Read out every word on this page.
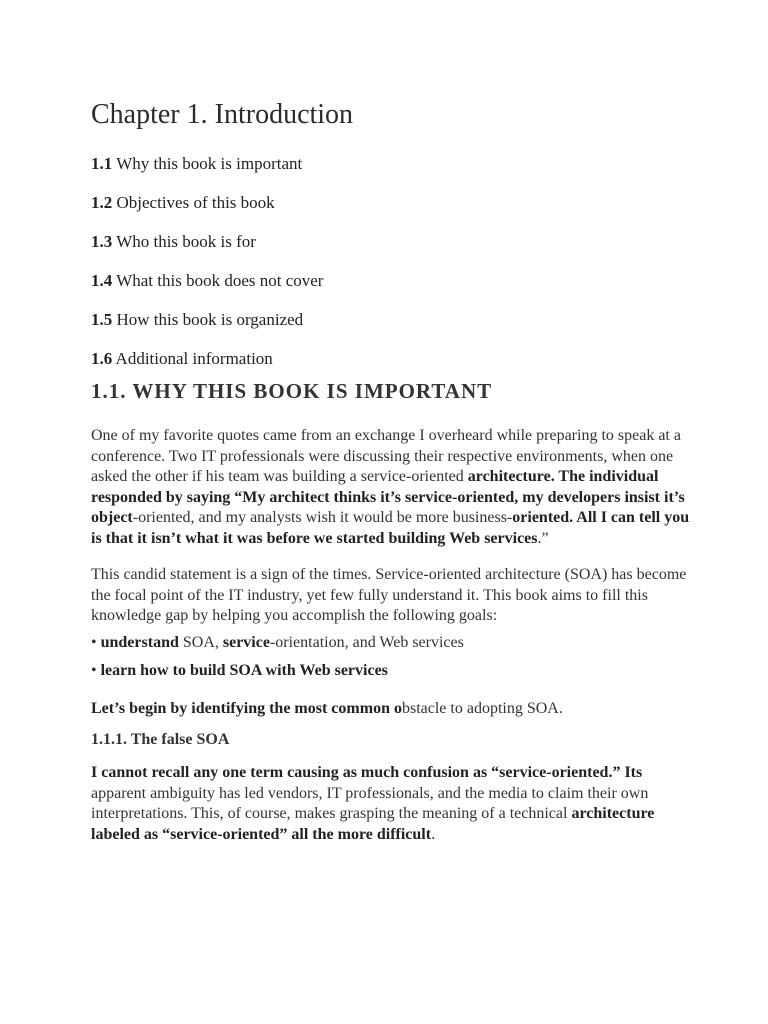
Chapter 1. Introduction
1.1 Why this book is important
1.2 Objectives of this book
1.3 Who this book is for
1.4 What this book does not cover
1.5 How this book is organized
1.6 Additional information
1.1. WHY THIS BOOK IS IMPORTANT

One of my favorite quotes came from an exchange I overheard while preparing to speak at a conference. Two IT professionals were discussing their respective environments, when one asked the other if his team was building a service-oriented architecture. The individual responded by saying “My architect thinks it’s service-oriented, my developers insist it’s object-oriented, and my analysts wish it would be more business-oriented. All I can tell you is that it isn’t what it was before we started building Web services.”

This candid statement is a sign of the times. Service-oriented architecture (SOA) has become the focal point of the IT industry, yet few fully understand it. This book aims to fill this knowledge gap by helping you accomplish the following goals:

• understand SOA, service-orientation, and Web services
• learn how to build SOA with Web services

Let’s begin by identifying the most common obstacle to adopting SOA.

1.1.1. The false SOA

I cannot recall any one term causing as much confusion as “service-oriented.” Its apparent ambiguity has led vendors, IT professionals, and the media to claim their own interpretations. This, of course, makes grasping the meaning of a technical architecture labeled as “service-oriented” all the more difficult.
